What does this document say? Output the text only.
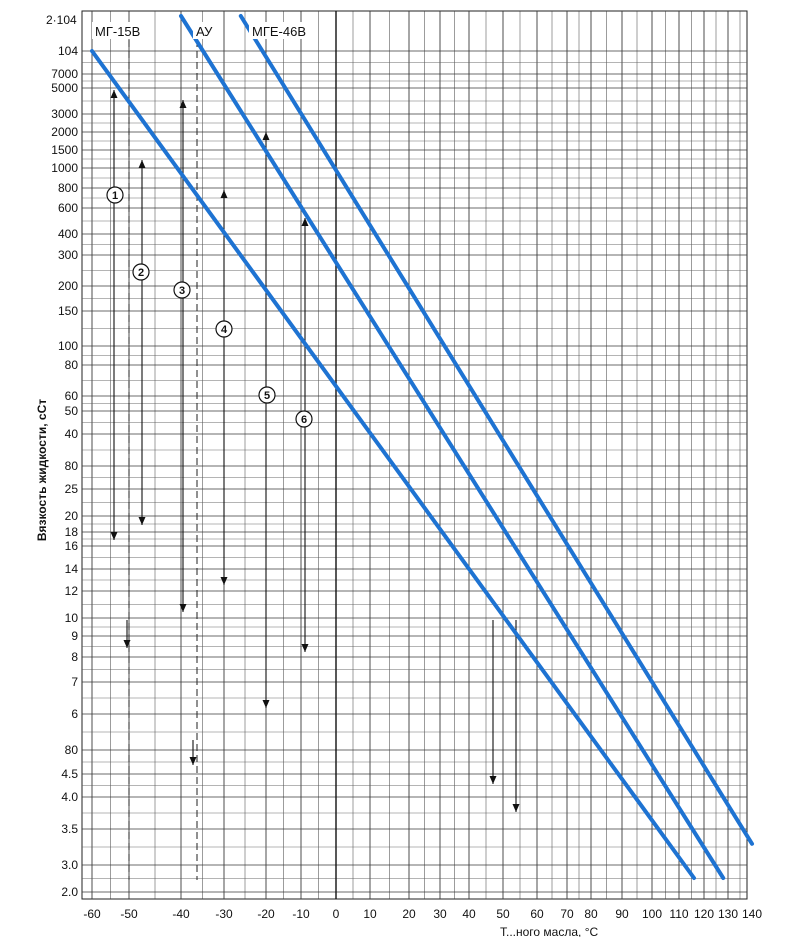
МГ-15В	АУ	МГЕ-46В
1
2
3
4
5
6
104
7000
5000
3000
2000
1500
1000
800
600
400
300
200
150
100
80
60
50
40
80
25
20
18
16
14
12
10
9
8
7
6
80
4.5
4.0
3.5
3.0
2.0
-60 -50	-40 -30 -20 -10 0 10 20 30 40 50 60 70 80 90 100 110 120 130 140
Вязкость жидкости, сСт
2·104
Т...ного масла, °С
